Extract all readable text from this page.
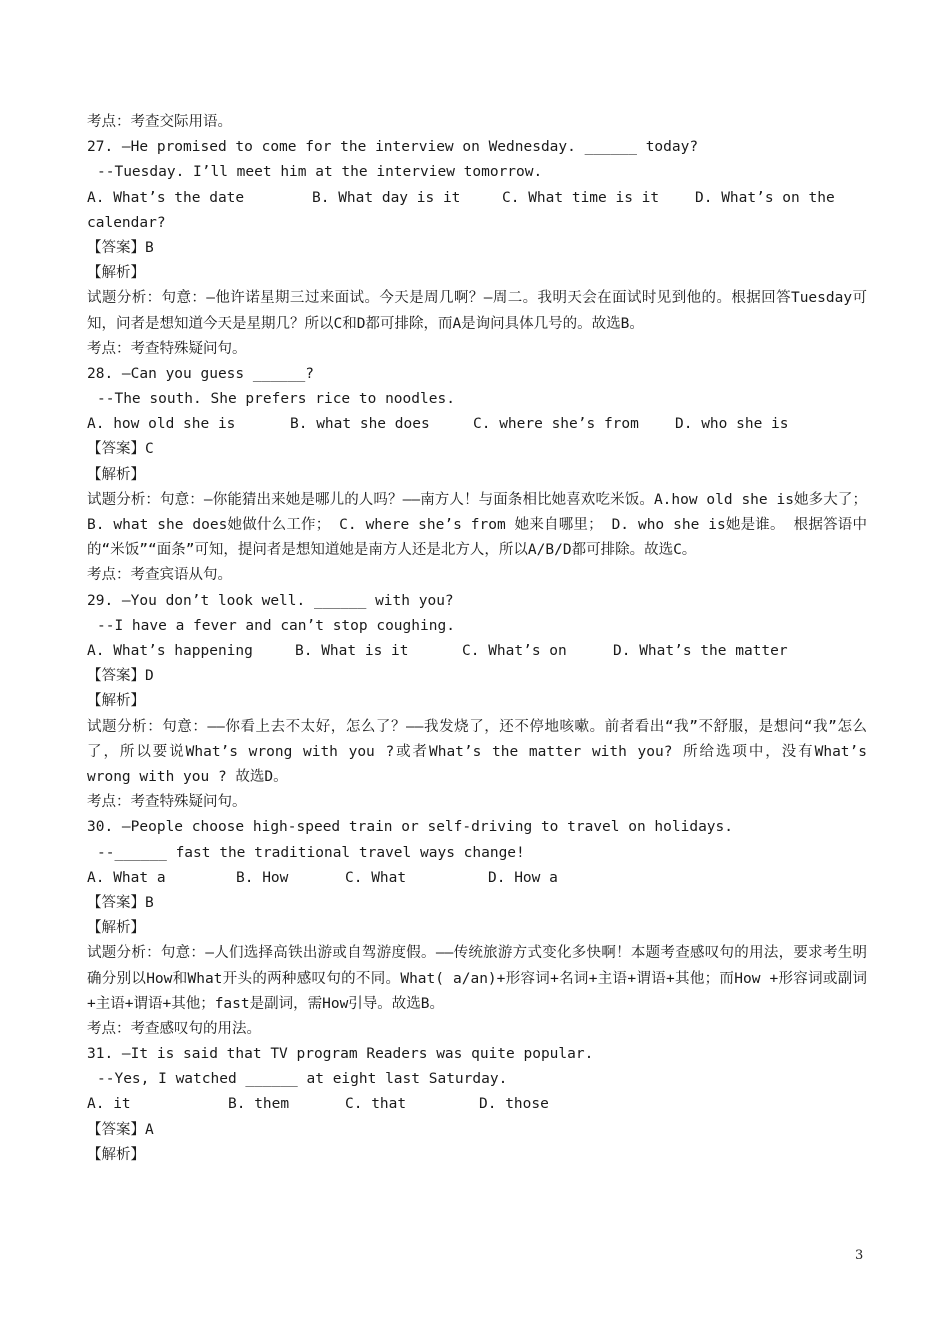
考点：考查交际用语。
27. –He promised to come for the interview on Wednesday. ______ today?
--Tuesday. I’ll meet him at the interview tomorrow.
A. What’s the date	B. What day is it	C. What time is it	D. What’s on the
calendar?
【答案】B
【解析】
试题分析：句意：—他许诺星期三过来面试。今天是周几啊？—周二。我明天会在面试时见到他的。根据回答Tuesday可知，问者是想知道今天是星期几？所以C和D都可排除，而A是询问具体几号的。故选B。
考点：考查特殊疑问句。
28. –Can you guess ______?
--The south. She prefers rice to noodles.
A. how old she is	B. what she does	C. where she’s from	D. who she is
【答案】C
【解析】
试题分析：句意：—你能猜出来她是哪儿的人吗？——南方人！与面条相比她喜欢吃米饭。A.how old she is她多大了； B. what she does她做什么工作； C. where she’s from 她来自哪里； D. who she is她是谁。 根据答语中的“米饭”“面条”可知，提问者是想知道她是南方人还是北方人，所以A/B/D都可排除。故选C。
考点：考查宾语从句。
29. –You don’t look well. ______ with you?
--I have a fever and can’t stop coughing.
A. What’s happening	B. What is it	C. What’s on	D. What’s the matter
【答案】D
【解析】
试题分析：句意：——你看上去不太好，怎么了？——我发烧了，还不停地咳嗽。前者看出“我”不舒服，是想问“我”怎么了，所以要说What’s wrong with you ?或者What’s the matter with you? 所给选项中，没有What’s wrong with you ? 故选D。
考点：考查特殊疑问句。
30. –People choose high-speed train or self-driving to travel on holidays.
--______ fast the traditional travel ways change!
A. What a	B. How	C. What	D. How a
【答案】B
【解析】
试题分析：句意：—人们选择高铁出游或自驾游度假。——传统旅游方式变化多快啊！本题考查感叹句的用法，要求考生明确分别以How和What开头的两种感叹句的不同。What( a/an)+形容词+名词+主语+谓语+其他；而How +形容词或副词+主语+谓语+其他；fast是副词，需How引导。故选B。
考点：考查感叹句的用法。
31. –It is said that TV program Readers was quite popular.
--Yes, I watched ______ at eight last Saturday.
A. it	B. them	C. that	D. those
【答案】A
【解析】
3
